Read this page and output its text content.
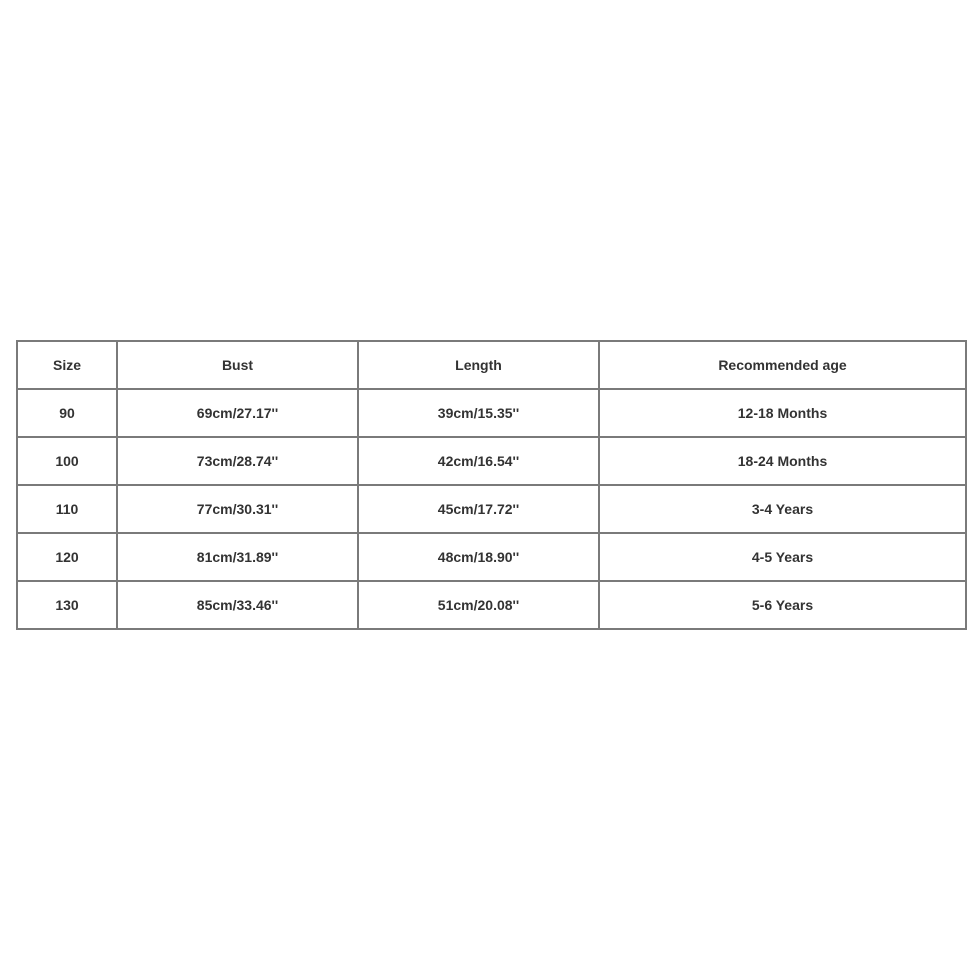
Size	Bust	Length	Recommended age
90	69cm/27.17''	39cm/15.35''	12-18 Months
100	73cm/28.74''	42cm/16.54''	18-24 Months
110	77cm/30.31''	45cm/17.72''	3-4 Years
120	81cm/31.89''	48cm/18.90''	4-5 Years
130	85cm/33.46''	51cm/20.08''	5-6 Years
